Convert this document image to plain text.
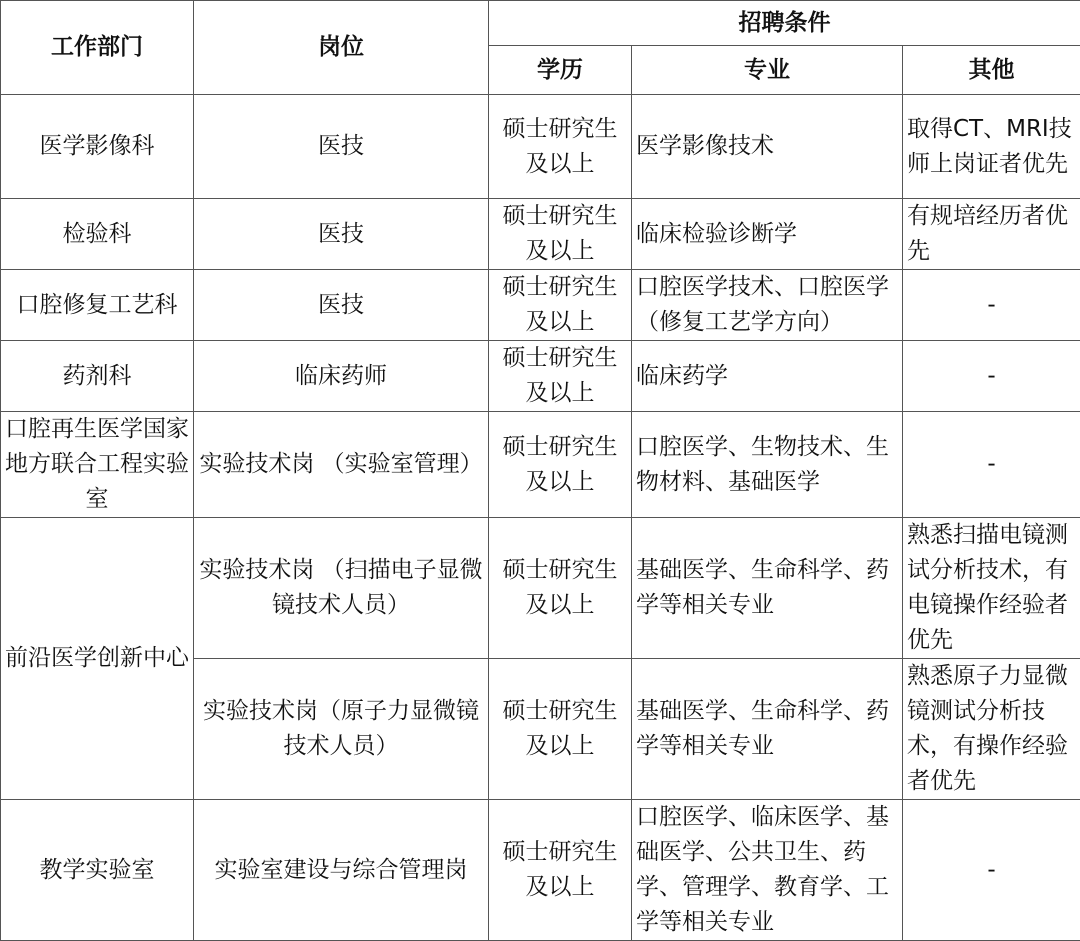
工作部门	岗位	招聘条件		
		学历	专业	其他
医学影像科	医技	硕士研究生及以上	医学影像技术	取得CT、MRI技师上岗证者优先
检验科	医技	硕士研究生及以上	临床检验诊断学	有规培经历者优先
口腔修复工艺科	医技	硕士研究生及以上	口腔医学技术、口腔医学（修复工艺学方向）	-
药剂科	临床药师	硕士研究生及以上	临床药学	-
口腔再生医学国家地方联合工程实验室	实验技术岗 （实验室管理）	硕士研究生及以上	口腔医学、生物技术、生物材料、基础医学	-
前沿医学创新中心	实验技术岗 （扫描电子显微镜技术人员）	硕士研究生及以上	基础医学、生命科学、药学等相关专业	熟悉扫描电镜测试分析技术，有电镜操作经验者优先
	实验技术岗（原子力显微镜技术人员）	硕士研究生及以上	基础医学、生命科学、药学等相关专业	熟悉原子力显微镜测试分析技术，有操作经验者优先
教学实验室	实验室建设与综合管理岗	硕士研究生及以上	口腔医学、临床医学、基础医学、公共卫生、药学、管理学、教育学、工学等相关专业	-
